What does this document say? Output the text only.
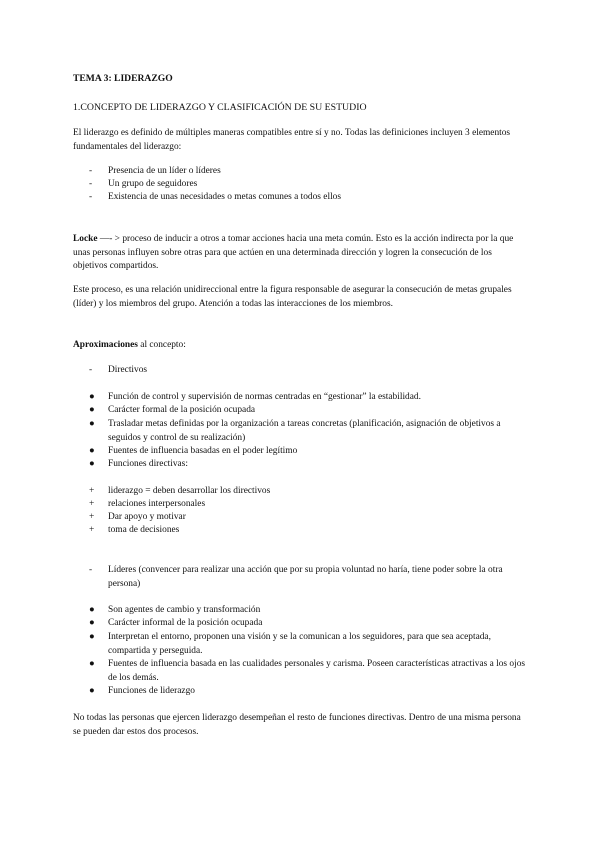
TEMA 3: LIDERAZGO
1.CONCEPTO DE LIDERAZGO Y CLASIFICACIÓN DE SU ESTUDIO
El liderazgo es definido de múltiples maneras compatibles entre sí y no. Todas las definiciones incluyen 3 elementos fundamentales del liderazgo:
-	Presencia de un líder o líderes
-	Un grupo de seguidores
-	Existencia de unas necesidades o metas comunes a todos ellos
Locke —- > proceso de inducir a otros a tomar acciones hacia una meta común. Esto es la acción indirecta por la que unas personas influyen sobre otras para que actúen en una determinada dirección y logren la consecución de los objetivos compartidos.
Este proceso, es una relación unidireccional entre la figura responsable de asegurar la consecución de metas grupales (líder) y los miembros del grupo. Atención a todas las interacciones de los miembros.
Aproximaciones al concepto:
-	Directivos
● Función de control y supervisión de normas centradas en “gestionar” la estabilidad.
● Carácter formal de la posición ocupada
● Trasladar metas definidas por la organización a tareas concretas (planificación, asignación de objetivos a seguidos y control de su realización)
● Fuentes de influencia basadas en el poder legítimo
● Funciones directivas:
+ liderazgo = deben desarrollar los directivos
+ relaciones interpersonales
+ Dar apoyo y motivar
+ toma de decisiones
-	Líderes (convencer para realizar una acción que por su propia voluntad no haría, tiene poder sobre la otra persona)
● Son agentes de cambio y transformación
● Carácter informal de la posición ocupada
● Interpretan el entorno, proponen una visión y se la comunican a los seguidores, para que sea aceptada, compartida y perseguida.
● Fuentes de influencia basada en las cualidades personales y carisma. Poseen características atractivas a los ojos de los demás.
● Funciones de liderazgo
No todas las personas que ejercen liderazgo desempeñan el resto de funciones directivas. Dentro de una misma persona se pueden dar estos dos procesos.
